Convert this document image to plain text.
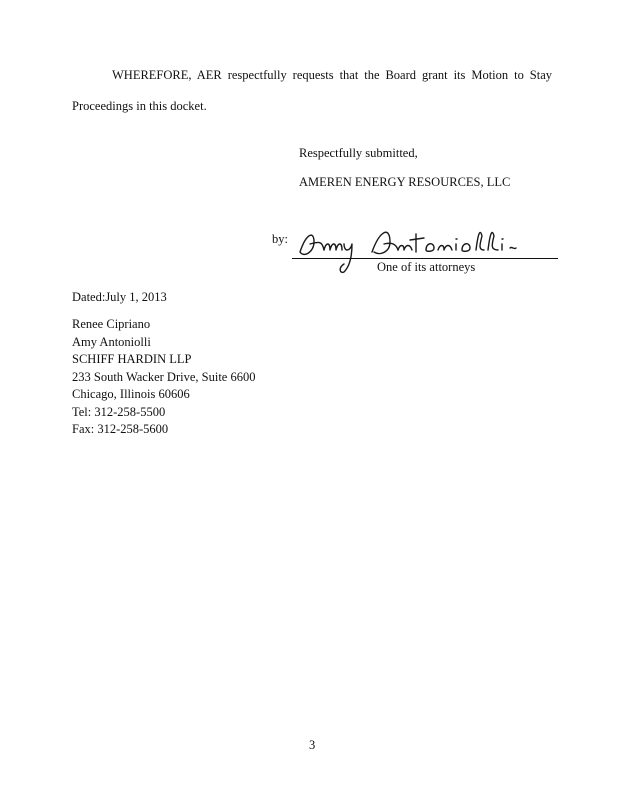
WHEREFORE, AER respectfully requests that the Board grant its Motion to Stay
Proceedings in this docket.
Respectfully submitted,
AMEREN ENERGY RESOURCES, LLC
by:
One of its attorneys
Dated:July 1, 2013
Renee Cipriano
Amy Antoniolli
SCHIFF HARDIN LLP
233 South Wacker Drive, Suite 6600
Chicago, Illinois 60606
Tel: 312-258-5500
Fax: 312-258-5600
3
